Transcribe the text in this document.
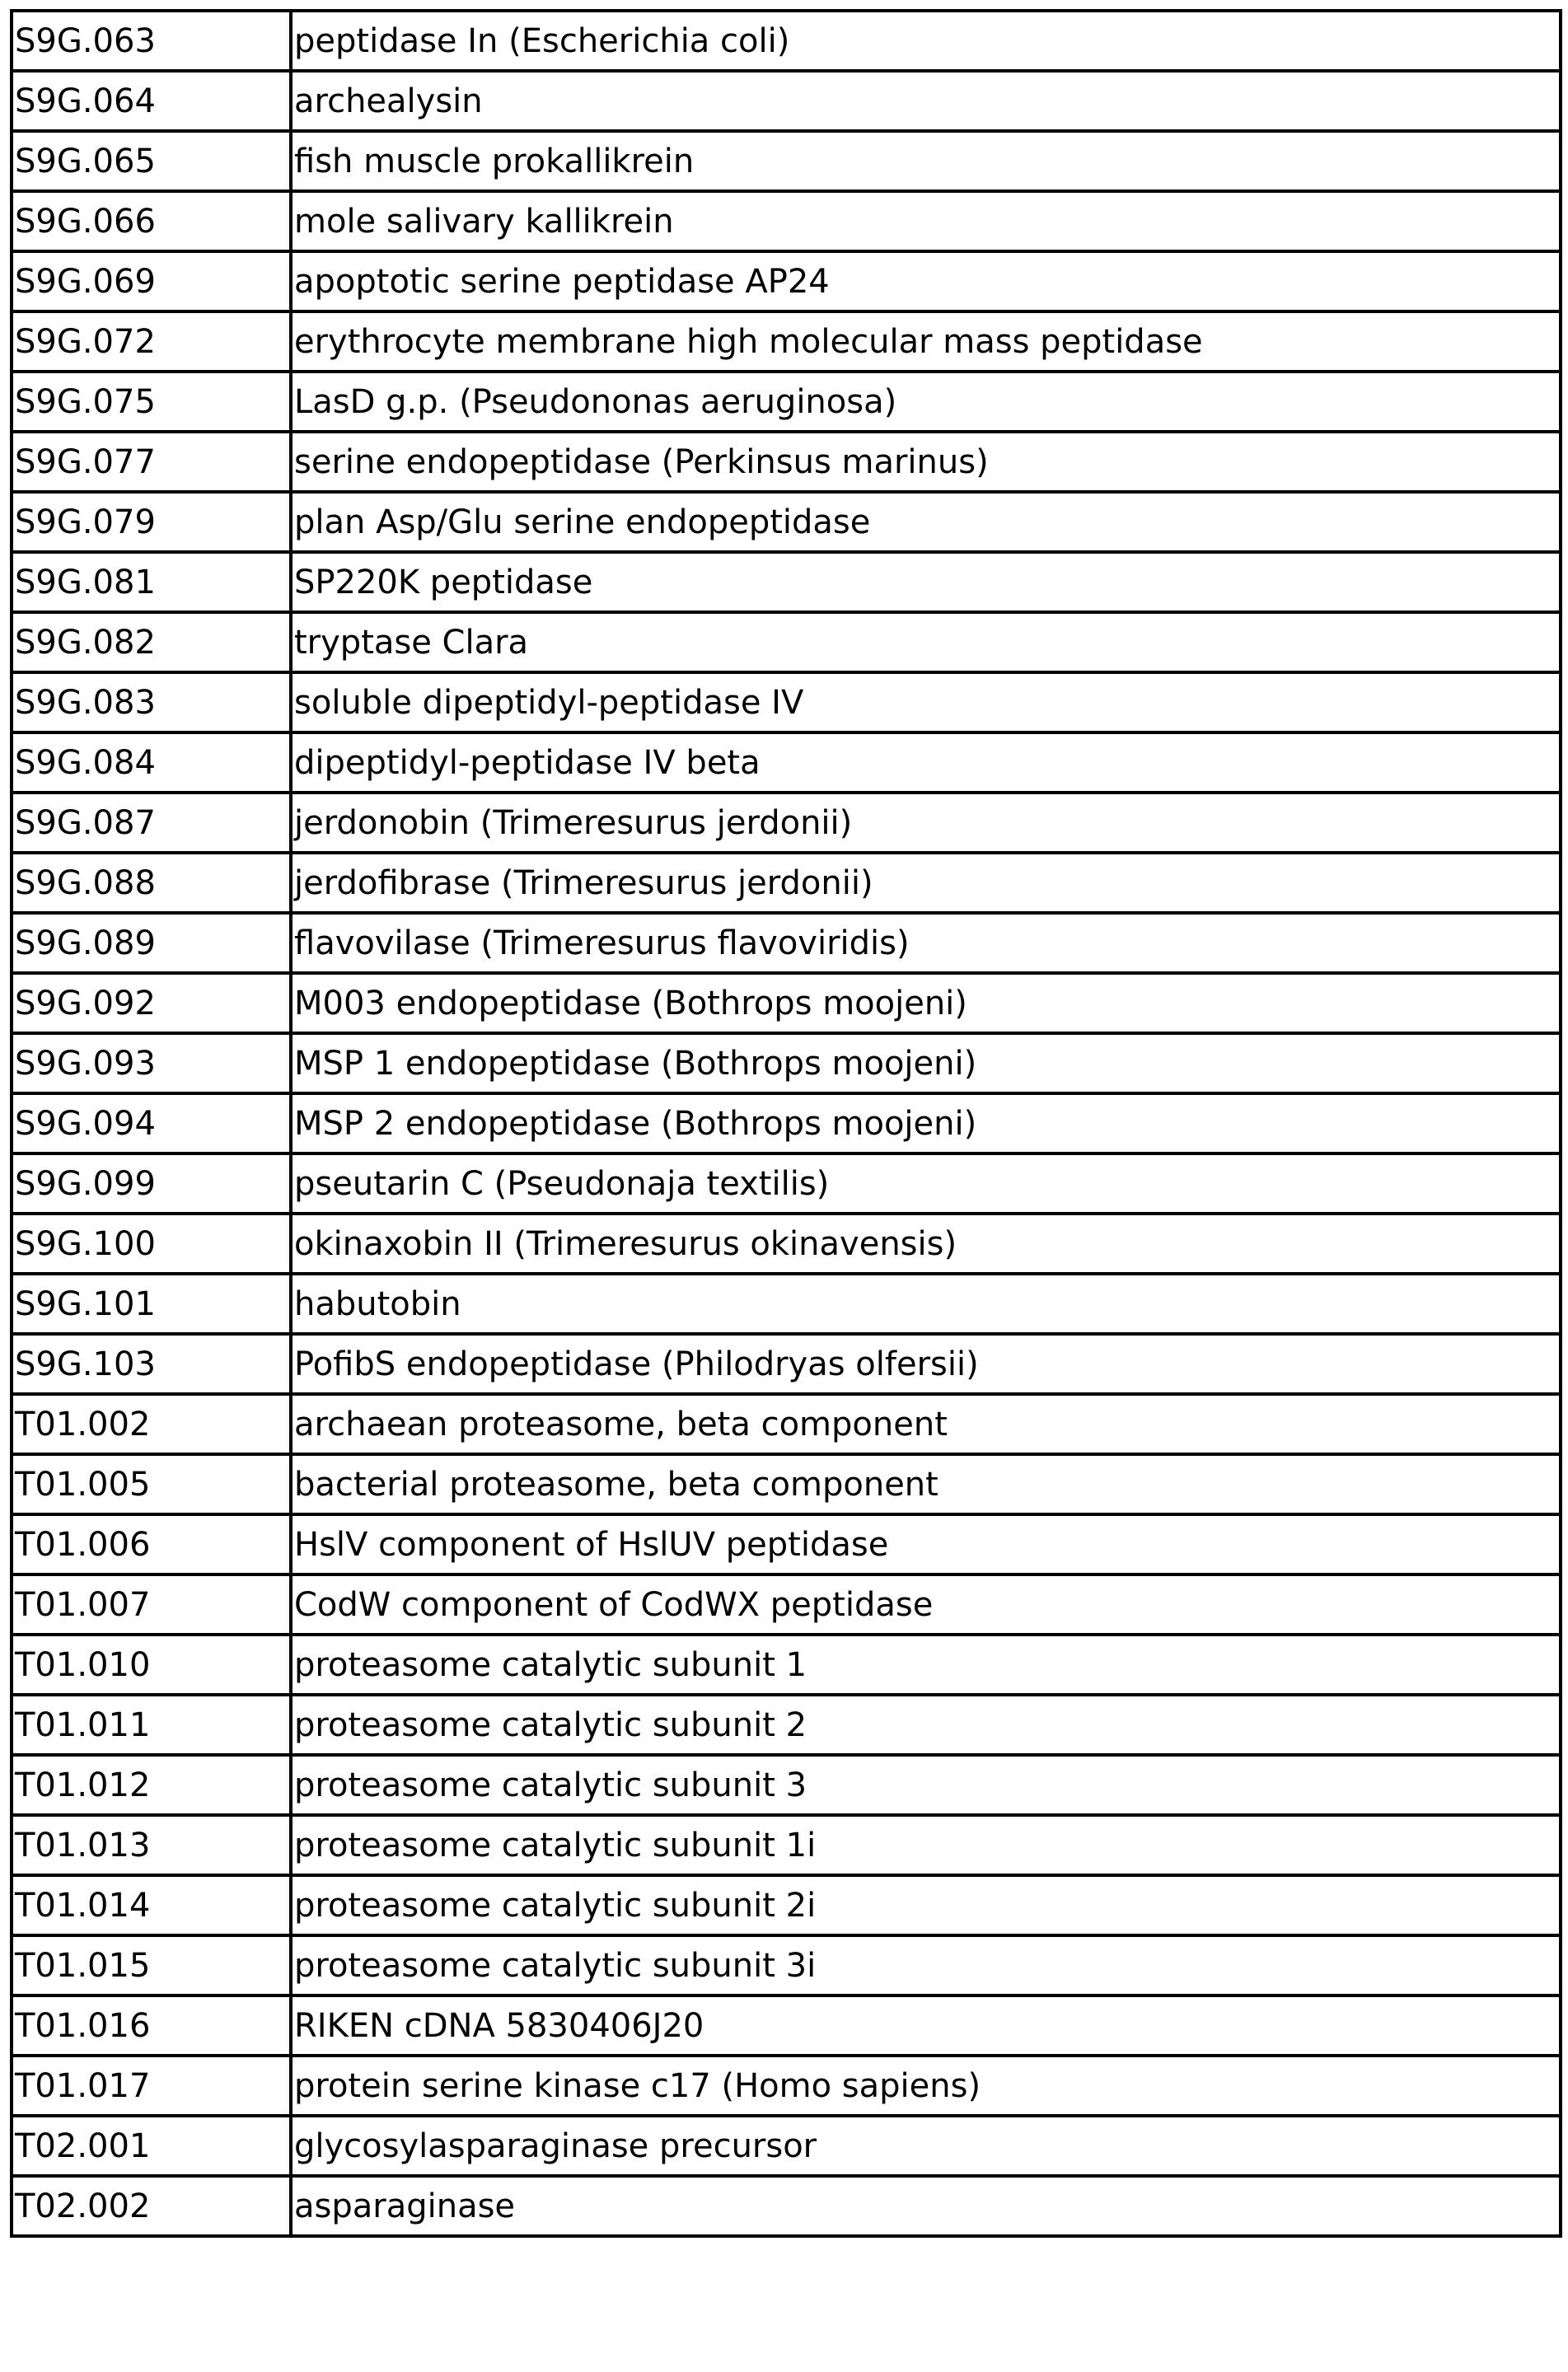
S9G.063	peptidase In (Escherichia coli)
S9G.064	archealysin
S9G.065	fish muscle prokallikrein
S9G.066	mole salivary kallikrein
S9G.069	apoptotic serine peptidase AP24
S9G.072	erythrocyte membrane high molecular mass peptidase
S9G.075	LasD g.p. (Pseudononas aeruginosa)
S9G.077	serine endopeptidase (Perkinsus marinus)
S9G.079	plan Asp/Glu serine endopeptidase
S9G.081	SP220K peptidase
S9G.082	tryptase Clara
S9G.083	soluble dipeptidyl-peptidase IV
S9G.084	dipeptidyl-peptidase IV beta
S9G.087	jerdonobin (Trimeresurus jerdonii)
S9G.088	jerdofibrase (Trimeresurus jerdonii)
S9G.089	flavovilase (Trimeresurus flavoviridis)
S9G.092	M003 endopeptidase (Bothrops moojeni)
S9G.093	MSP 1 endopeptidase (Bothrops moojeni)
S9G.094	MSP 2 endopeptidase (Bothrops moojeni)
S9G.099	pseutarin C (Pseudonaja textilis)
S9G.100	okinaxobin II (Trimeresurus okinavensis)
S9G.101	habutobin
S9G.103	PofibS endopeptidase (Philodryas olfersii)
T01.002	archaean proteasome, beta component
T01.005	bacterial proteasome, beta component
T01.006	HslV component of HslUV peptidase
T01.007	CodW component of CodWX peptidase
T01.010	proteasome catalytic subunit 1
T01.011	proteasome catalytic subunit 2
T01.012	proteasome catalytic subunit 3
T01.013	proteasome catalytic subunit 1i
T01.014	proteasome catalytic subunit 2i
T01.015	proteasome catalytic subunit 3i
T01.016	RIKEN cDNA 5830406J20
T01.017	protein serine kinase c17 (Homo sapiens)
T02.001	glycosylasparaginase precursor
T02.002	asparaginase
